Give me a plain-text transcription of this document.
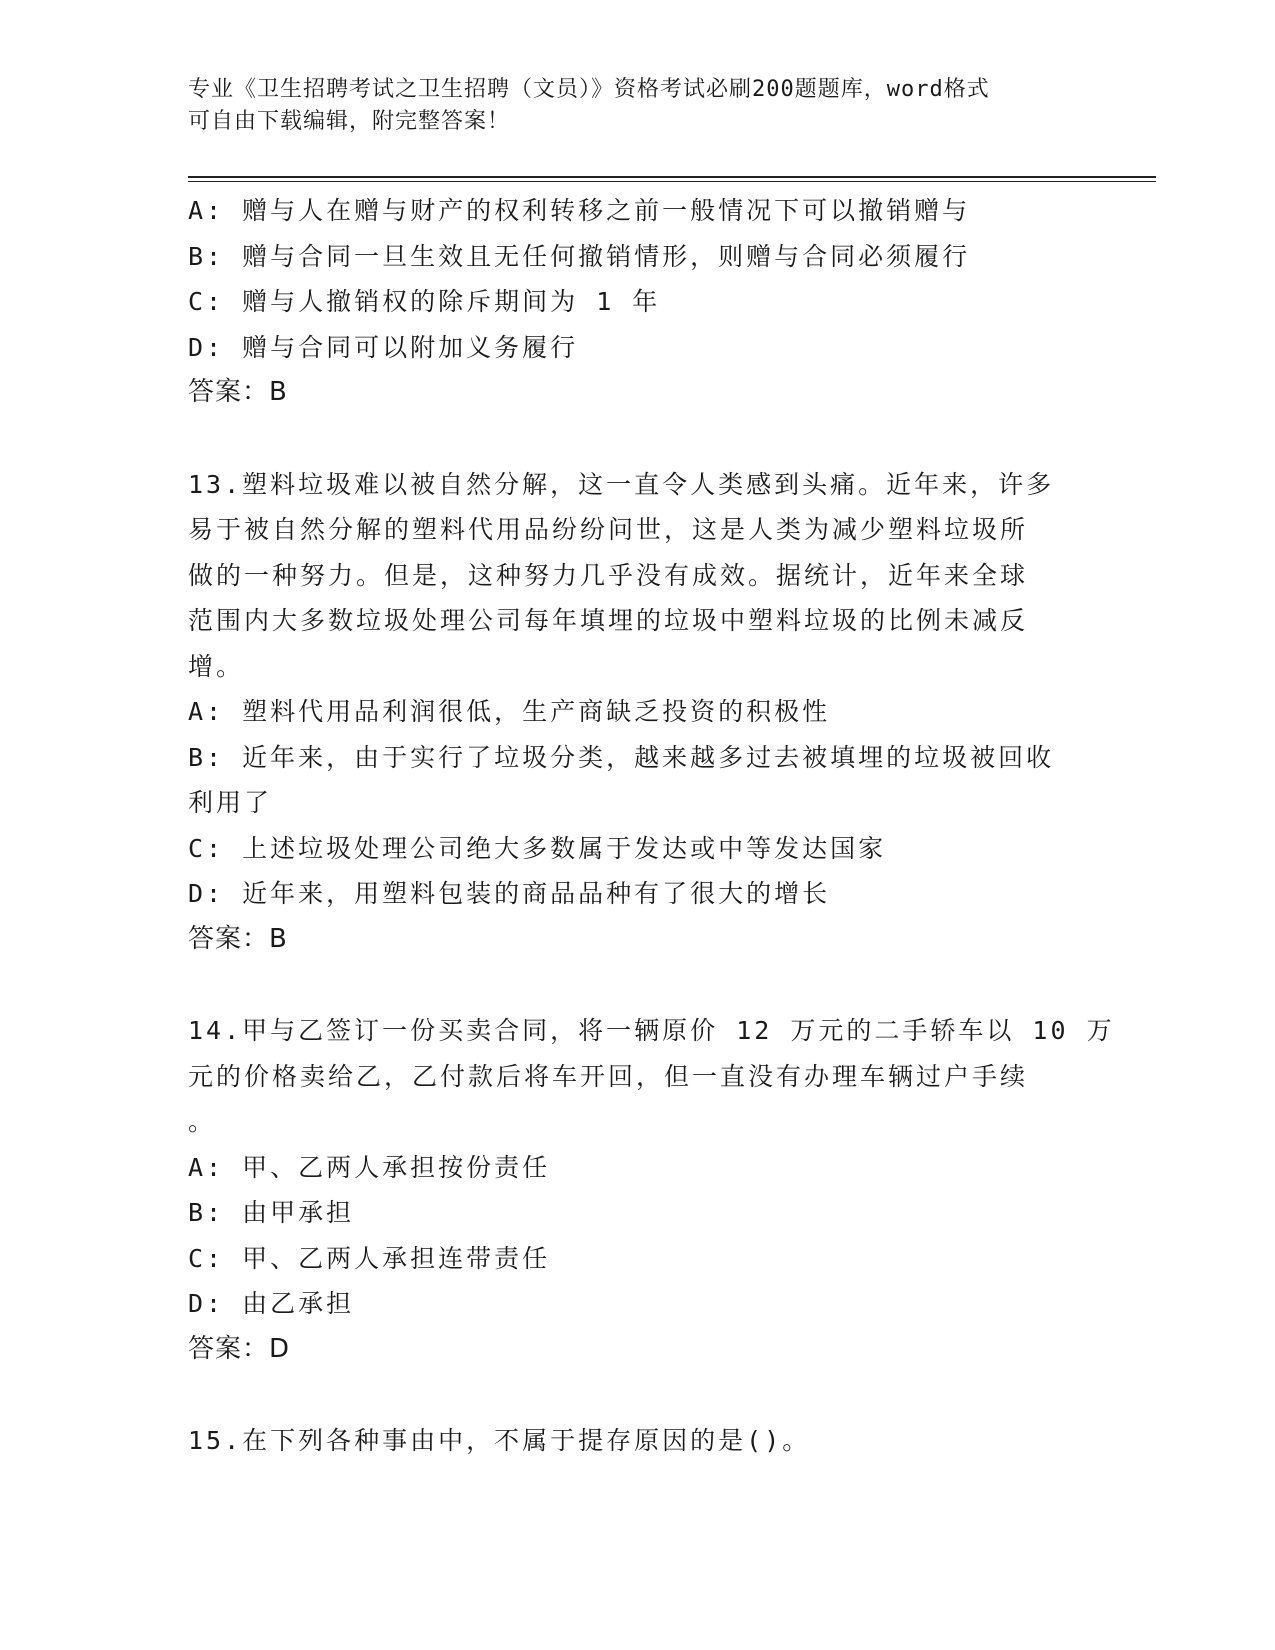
专业《卫生招聘考试之卫生招聘（文员）》资格考试必刷200题题库，word格式
可自由下载编辑，附完整答案！
A: 赠与人在赠与财产的权利转移之前一般情况下可以撤销赠与
B: 赠与合同一旦生效且无任何撤销情形，则赠与合同必须履行
C: 赠与人撤销权的除斥期间为 1 年
D: 赠与合同可以附加义务履行
答案：B
13.塑料垃圾难以被自然分解，这一直令人类感到头痛。近年来，许多
易于被自然分解的塑料代用品纷纷问世，这是人类为减少塑料垃圾所
做的一种努力。但是，这种努力几乎没有成效。据统计，近年来全球
范围内大多数垃圾处理公司每年填埋的垃圾中塑料垃圾的比例未减反
增。
A: 塑料代用品利润很低，生产商缺乏投资的积极性
B: 近年来，由于实行了垃圾分类，越来越多过去被填埋的垃圾被回收
利用了
C: 上述垃圾处理公司绝大多数属于发达或中等发达国家
D: 近年来，用塑料包装的商品品种有了很大的增长
答案：B
14.甲与乙签订一份买卖合同，将一辆原价 12 万元的二手轿车以 10 万
元的价格卖给乙，乙付款后将车开回，但一直没有办理车辆过户手续
。
A: 甲、乙两人承担按份责任
B: 由甲承担
C: 甲、乙两人承担连带责任
D: 由乙承担
答案：D
15.在下列各种事由中，不属于提存原因的是()。
